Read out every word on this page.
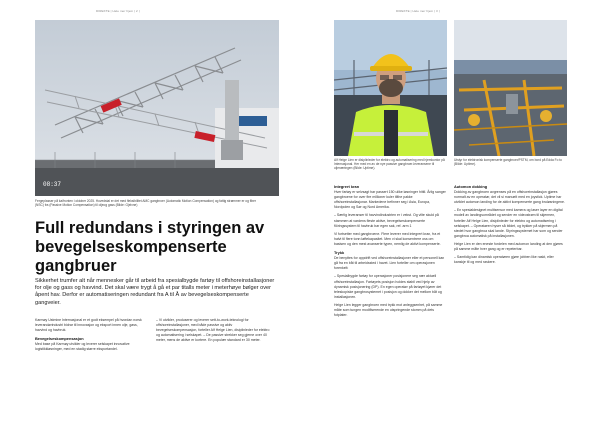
DIREKTE | Hele mer hjem | 2 |
08:37
Fergeplasser på kaifronten i oktober 2025. Hovedstal er det med fleksibilitet AMC gangbroer (Automatic Motion Compensation) og fattig strømmer er og fiber (NSC) fra (Passive Motion Compensation) til oljeog gass (Bilde: Gjelvne)
Full redundans i styringen av bevegelseskompenserte gangbruer

Sikkerhet trumfer alt når mennesker går til arbeid fra spesialbygde fartøy til offshoreinstallasjoner for olje og gass og havvind. Det skal være trygt å gå et par titalls meter i meterhøye bølger over åpent hav. Derfor er automatiseringen redundant fra A til Å av bevegelseskompenserte gangveier.

Karmøy Ustmine Internasjonal er et godt eksempel på hvordan norsk leverandørindustri bidrar til innovasjon og eksport innen olje, gass, havvind og havbruk.

Bevegelseskompensasjon

Med base på Karmøy utvikler og leverer selskapet innovative logistikkløsninger, med en stadig større eksportandel.

– Vi utvikler, produserer og leverer sett-to-work-teknologi for offshoreinstallasjoner, med både passive og aktiv bevegelseskompensasjon, forteller Alf Helge Lien, disiplinleder for elektro og automatisering i selskapet. – De passive strekker seg gjerne over 40 meter, mens de aktive er kortere. En populær standard er 30 meter.

DIREKTE | Hele mer hjem | 3 |
Alf Helge Lien er disiplinleder for elektro og automatisering med hjemkontor på Internasjonal. Her med en av de nye passive gangbroer-leveransene til oljenæringen (Bilde: Uptime).
Utstyr for elektronisk kompenserte gangbroer/PSTM, om bord på Edda Fo to (Bilde: Uptime).
Integrert kran

Hver fartøy er selvsagt har passert 150 ulike løsninger hittil. Årlig sanger gangbroene for over fire millioner kuler tilthe pakke offshoreinstallasjonar. Markedene befinner seg i Asia, Europa, Nordpolen og Sør og Nord Amerika.

– Særlig leveranser til havvindindustrien er i vekst. Og vilte skuld på stammen at vardens fleste aktive, bevegelseskompenserte flöringssystem til havbruk bar egen sak, ref. arm 1

Vi fortsetter med gangbroene. Flere leverer med integrert kran, fra et halvt til flere tonn løftekapasitet. Men vi skal konsentrere oss om basisen og den mest avanserte typen, nemlig de aktivt kompenserte.

Trykk

De benyttes for oppdrift ved offshoreinstallasjoner eller et personell kan gå fra en båt til arbeidssted i havet. Lien forteller om operasjonen forenkelt:

– Spesialbygde fartøy for operasjoner posisjonere seg nær aktuell offshoreinstallasjon. Fartøyets posisjon holdes stabil ved hjelp av dynamisk posisjonering (DP). En egen operatør på fartøyet kjører det teleskopiske gangbrosystemet i posisjon og dokker det mellom båt og installasjonen.

Helge Lien legger gangbroen med trykk mot anleggsenhet, på samme måte som tungen modifiserende en utspringende stomm på dets fotplater.

Automon dokking

Dokking av gangbroen avgrenses på en offshoreinstallasjon gjøres normalt av en operatør, det vil si manuelt med en joystick. Uptime har utviklet automon landing for de aktivt kompenserte gang bruløsningene.

– En spesialdesignet multisensor med kamera og laser layer en digital modell av landingsområdet og sender en videostrøm til skjermen, forteller Alf Helge Lien, disiplinleder for elektro og automatisering i selskapet. – Operatøren hyser så bildet, og trykker på skjermen på stedet hvor gangbroa skal lande. Styringssystemet har som og sender gangbroa automatisk på installasjonen.

Helge Lien er den eneste fordelen med automon landing at den gjøres på samme måte hver gang og er repeterbar.

– Samtidig kan dinamisk operatøren gjøre jobben like raskt, eller kanskje til og med raskere.
